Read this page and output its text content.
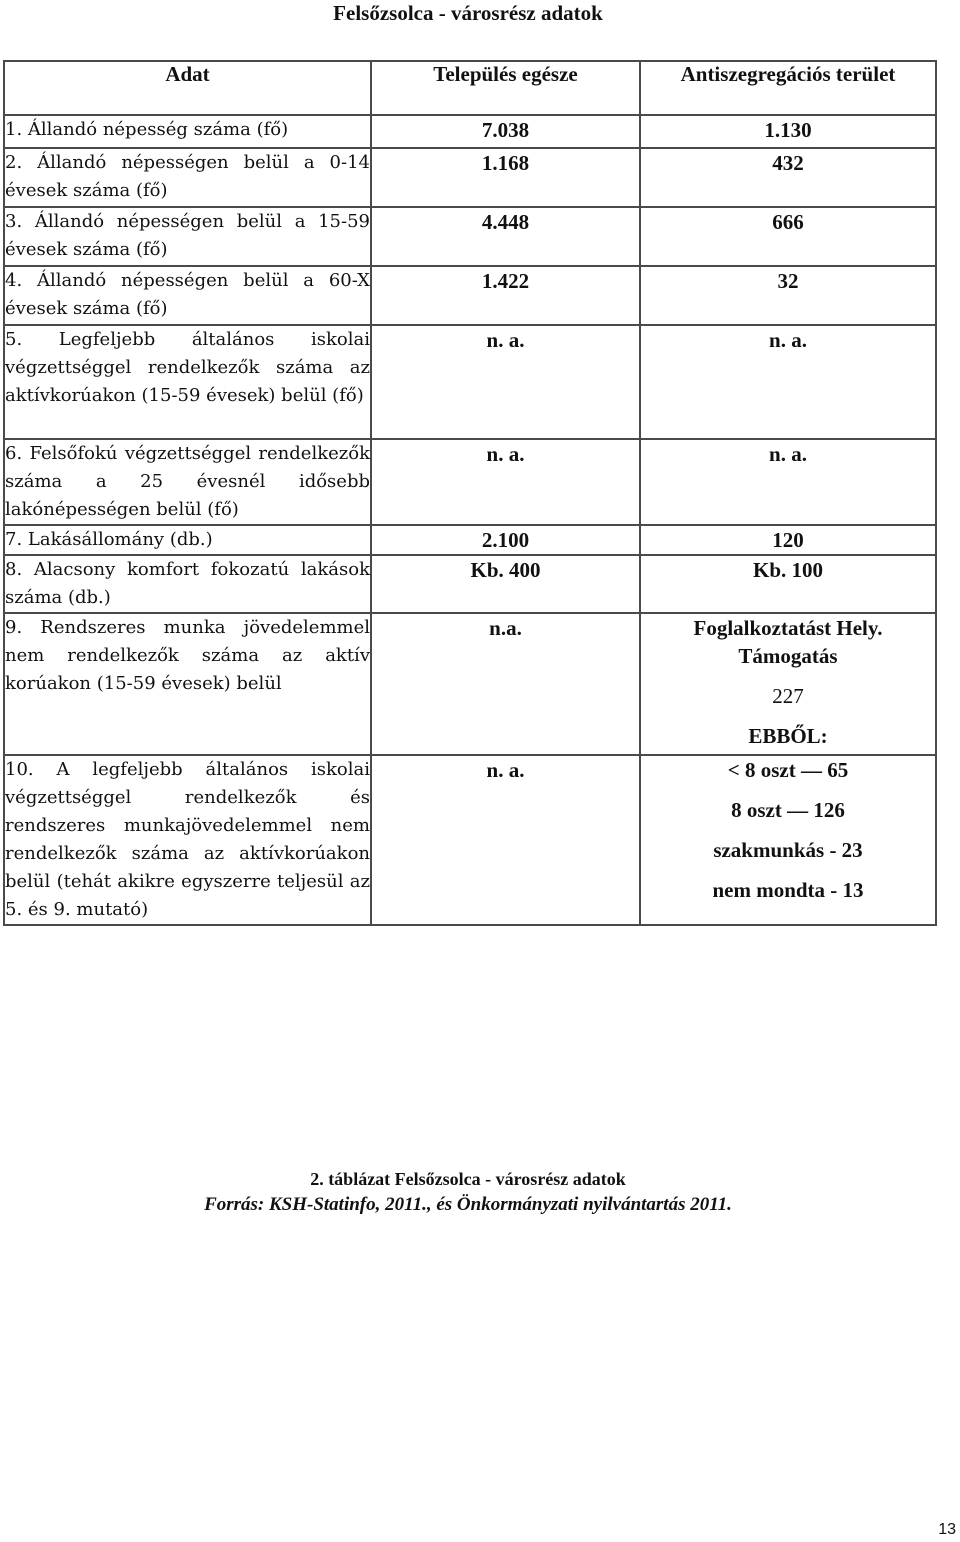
Felsőzsolca - városrész adatok
Adat	Település egésze	Antiszegregációs terület
1. Állandó népesség száma (fő)	7.038	1.130
2. Állandó népességen belül a 0-14 évesek száma (fő)	1.168	432
3. Állandó népességen belül a 15-59 évesek száma (fő)	4.448	666
4. Állandó népességen belül a 60-X évesek száma (fő)	1.422	32
5. Legfeljebb általános iskolai végzettséggel rendelkezők száma az aktívkorúakon (15-59 évesek) belül (fő)	n. a.	n. a.
6. Felsőfokú végzettséggel rendelkezők száma a 25 évesnél idősebb lakónépességen belül (fő)	n. a.	n. a.
7. Lakásállomány (db.)	2.100	120
8. Alacsony komfort fokozatú lakások száma (db.)	Kb. 400	Kb. 100
9. Rendszeres munka jövedelemmel nem rendelkezők száma az aktív korúakon (15-59 évesek) belül	n.a.	Foglalkoztatást Hely.
Támogatás
227
EBBŐL:

10. A legfeljebb általános iskolai végzettséggel rendelkezők és rendszeres munkajövedelemmel nem rendelkezők száma az aktívkorúakon belül (tehát akikre egyszerre teljesül az 5. és 9. mutató)	n. a.	< 8 oszt — 65
8 oszt — 126
szakmunkás - 23
nem mondta - 13
2. táblázat Felsőzsolca - városrész adatok
Forrás: KSH-Statinfo, 2011., és Önkormányzati nyilvántartás 2011.
13
